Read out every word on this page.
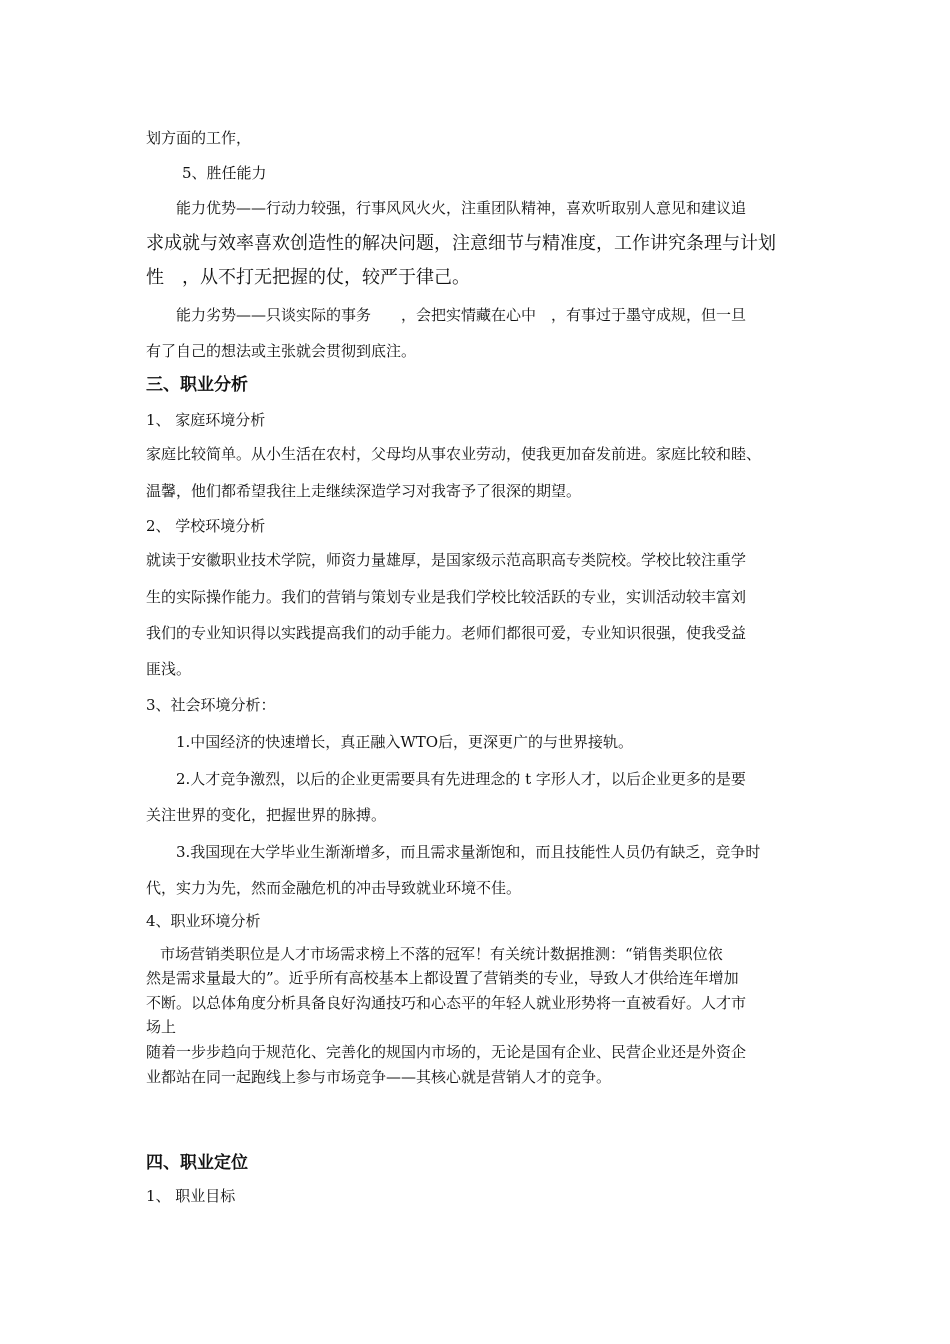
划方面的工作，
5、胜任能力
能力优势——行动力较强，行事风风火火，注重团队精神，喜欢听取别人意见和建议追
求成就与效率喜欢创造性的解决问题，注意细节与精准度，工作讲究条理与计划
性　，从不打无把握的仗，较严于律己。
能力劣势——只谈实际的事务　　，会把实情藏在心中　，有事过于墨守成规，但一旦
有了自己的想法或主张就会贯彻到底注。
三、职业分析
1、 家庭环境分析
家庭比较简单。从小生活在农村，父母均从事农业劳动，使我更加奋发前进。家庭比较和睦、
温馨，他们都希望我往上走继续深造学习对我寄予了很深的期望。
2、 学校环境分析
就读于安徽职业技术学院，师资力量雄厚，是国家级示范高职高专类院校。学校比较注重学
生的实际操作能力。我们的营销与策划专业是我们学校比较活跃的专业，实训活动较丰富刘
我们的专业知识得以实践提高我们的动手能力。老师们都很可爱，专业知识很强，使我受益
匪浅。
3、社会环境分析：
1.中国经济的快速增长，真正融入WTO后，更深更广的与世界接轨。
2.人才竞争激烈，以后的企业更需要具有先进理念的 t 字形人才，以后企业更多的是要
关注世界的变化，把握世界的脉搏。
3.我国现在大学毕业生渐渐增多，而且需求量渐饱和，而且技能性人员仍有缺乏，竞争时
代，实力为先，然而金融危机的冲击导致就业环境不佳。
4、职业环境分析
市场营销类职位是人才市场需求榜上不落的冠军！有关统计数据推测：“销售类职位依
然是需求量最大的”。近乎所有高校基本上都设置了营销类的专业，导致人才供给连年增加
不断。以总体角度分析具备良好沟通技巧和心态平的年轻人就业形势将一直被看好。人才市
场上
随着一步步趋向于规范化、完善化的规国内市场的，无论是国有企业、民营企业还是外资企
业都站在同一起跑线上参与市场竞争——其核心就是营销人才的竞争。
四、职业定位
1、 职业目标
